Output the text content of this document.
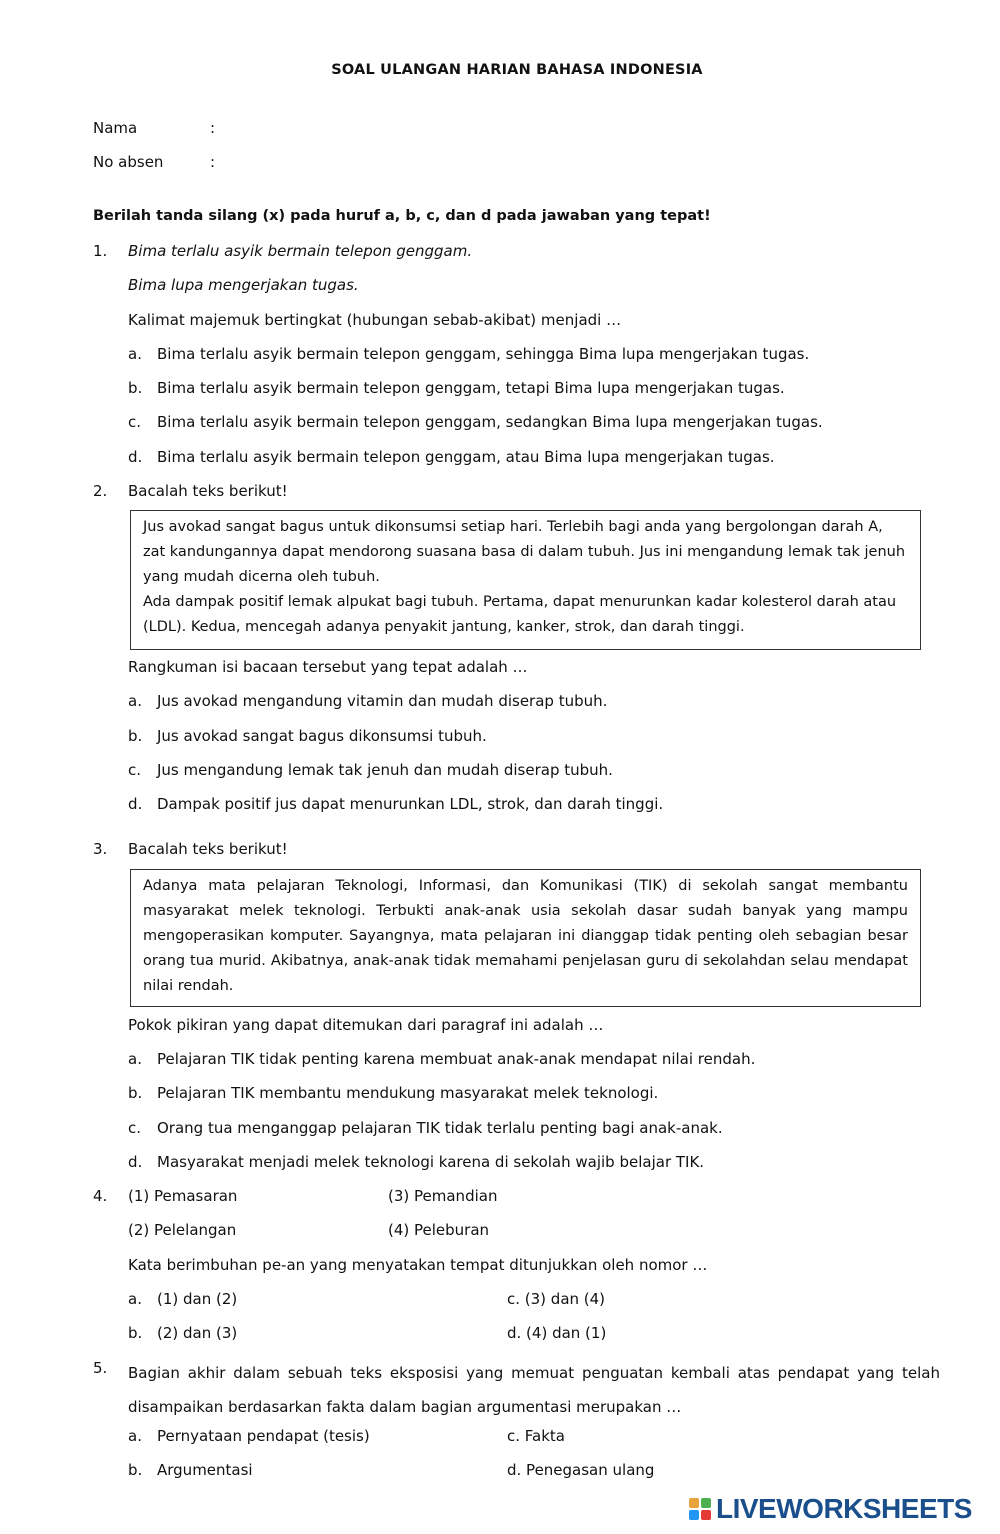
SOAL ULANGAN HARIAN BAHASA INDONESIA
Nama	:
No absen	:
Berilah tanda silang (x) pada huruf a, b, c, dan d pada jawaban yang tepat!
1. Bima terlalu asyik bermain telepon genggam.
Bima lupa mengerjakan tugas.
Kalimat majemuk bertingkat (hubungan sebab-akibat) menjadi …
a. Bima terlalu asyik bermain telepon genggam, sehingga Bima lupa mengerjakan tugas.
b. Bima terlalu asyik bermain telepon genggam, tetapi Bima lupa mengerjakan tugas.
c. Bima terlalu asyik bermain telepon genggam, sedangkan Bima lupa mengerjakan tugas.
d. Bima terlalu asyik bermain telepon genggam, atau Bima lupa mengerjakan tugas.
2. Bacalah teks berikut!

Jus avokad sangat bagus untuk dikonsumsi setiap hari. Terlebih bagi anda yang bergolongan darah A,

zat kandungannya dapat mendorong suasana basa di dalam tubuh. Jus ini mengandung lemak tak jenuh

yang mudah dicerna oleh tubuh.

Ada dampak positif lemak alpukat bagi tubuh. Pertama, dapat menurunkan kadar kolesterol darah atau

(LDL). Kedua, mencegah adanya penyakit jantung, kanker, strok, dan darah tinggi.

Rangkuman isi bacaan tersebut yang tepat adalah …
a. Jus avokad mengandung vitamin dan mudah diserap tubuh.
b. Jus avokad sangat bagus dikonsumsi tubuh.
c. Jus mengandung lemak tak jenuh dan mudah diserap tubuh.
d. Dampak positif jus dapat menurunkan LDL, strok, dan darah tinggi.
3. Bacalah teks berikut!

Adanya mata pelajaran Teknologi, Informasi, dan Komunikasi (TIK) di sekolah sangat membantu masyarakat melek teknologi. Terbukti anak-anak usia sekolah dasar sudah banyak yang mampu mengoperasikan komputer. Sayangnya, mata pelajaran ini dianggap tidak penting oleh sebagian besar orang tua murid. Akibatnya, anak-anak tidak memahami penjelasan guru di sekolahdan selau mendapat nilai rendah.

Pokok pikiran yang dapat ditemukan dari paragraf ini adalah …
a. Pelajaran TIK tidak penting karena membuat anak-anak mendapat nilai rendah.
b. Pelajaran TIK membantu mendukung masyarakat melek teknologi.
c. Orang tua menganggap pelajaran TIK tidak terlalu penting bagi anak-anak.
d. Masyarakat menjadi melek teknologi karena di sekolah wajib belajar TIK.
4. (1) Pemasaran	(3) Pemandian
(2) Pelelangan	(4) Peleburan
Kata berimbuhan pe-an yang menyatakan tempat ditunjukkan oleh nomor …
a. (1) dan (2)	c. (3) dan (4)
b. (2) dan (3)	d. (4) dan (1)
5. Bagian akhir dalam sebuah teks eksposisi yang memuat penguatan kembali atas pendapat yang telah disampaikan berdasarkan fakta dalam bagian argumentasi merupakan …
a. Pernyataan pendapat (tesis)	c. Fakta
b. Argumentasi	d. Penegasan ulang
LIVEWORKSHEETS
